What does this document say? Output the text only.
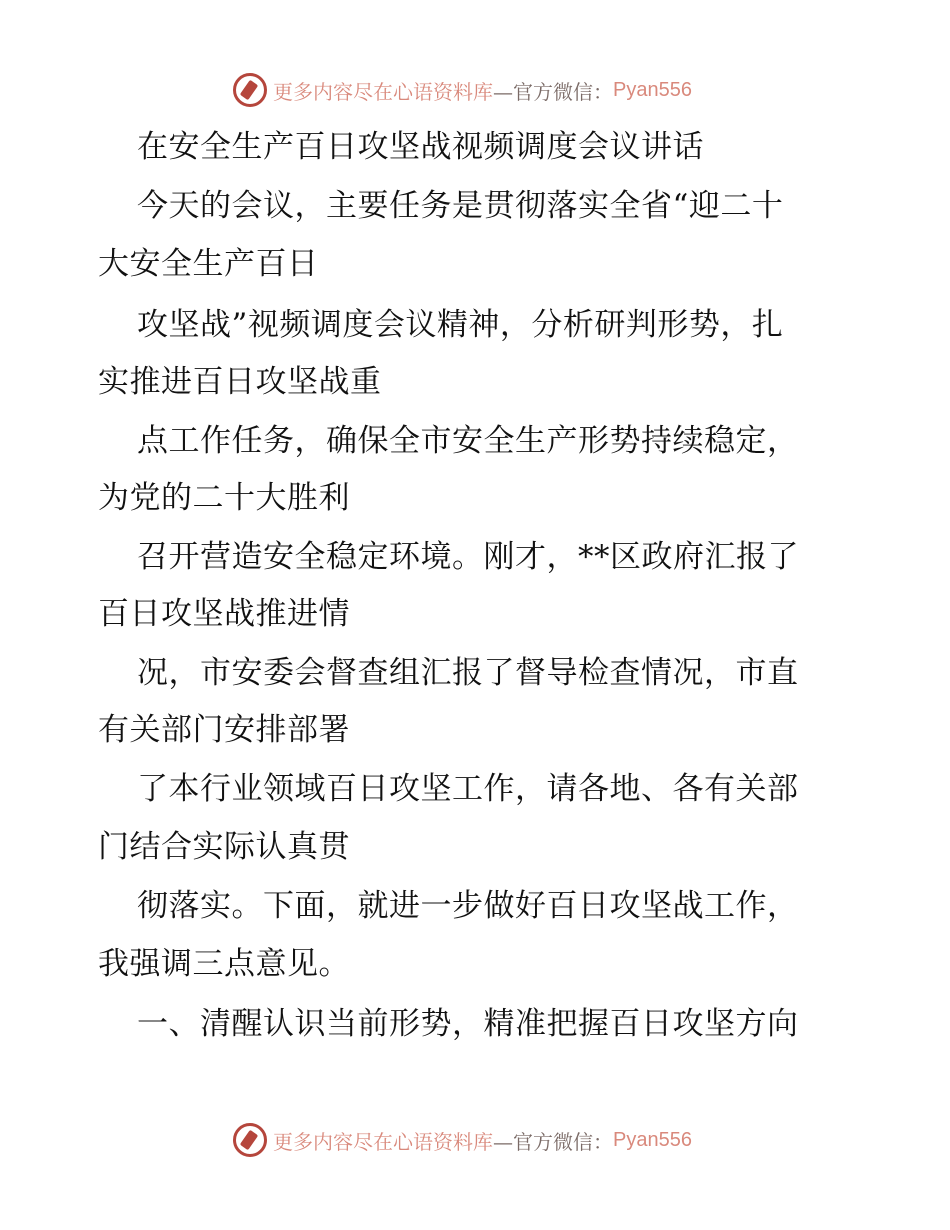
更多内容尽在心语资料库 —官方微信： Pyan556
在安全生产百日攻坚战视频调度会议讲话
今天的会议，主要任务是贯彻落实全省“迎二十
大安全生产百日
攻坚战”视频调度会议精神，分析研判形势，扎
实推进百日攻坚战重
点工作任务，确保全市安全生产形势持续稳定，
为党的二十大胜利
召开营造安全稳定环境。刚才，**区政府汇报了
百日攻坚战推进情
况，市安委会督查组汇报了督导检查情况，市直
有关部门安排部署
了本行业领域百日攻坚工作，请各地、各有关部
门结合实际认真贯
彻落实。下面，就进一步做好百日攻坚战工作，
我强调三点意见。
一、清醒认识当前形势，精准把握百日攻坚方向
更多内容尽在心语资料库 —官方微信： Pyan556
